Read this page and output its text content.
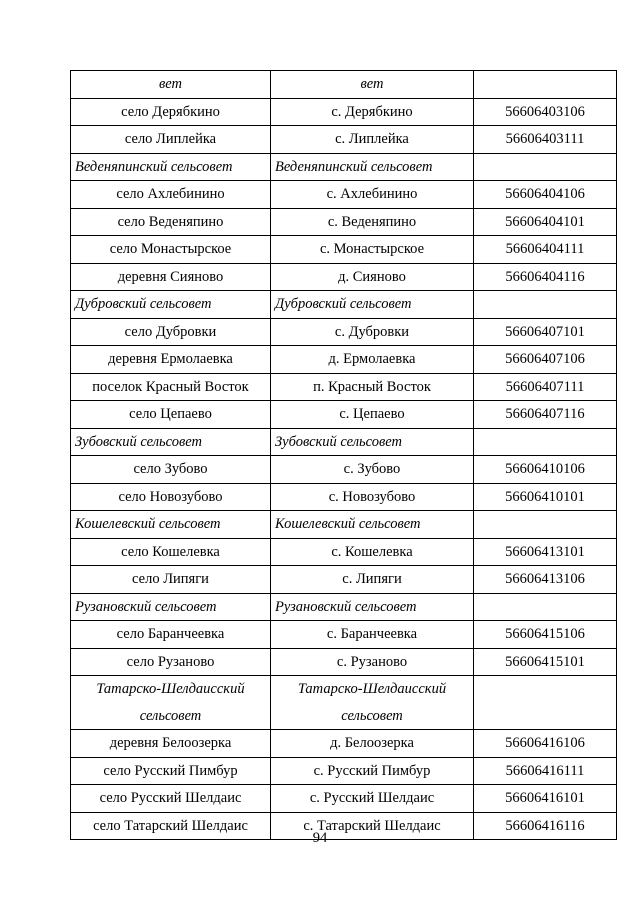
вет	вет	
село Дерябкино	с. Дерябкино	56606403106
село Липлейка	с. Липлейка	56606403111
Веденяпинский сельсовет	Веденяпинский сельсовет	
село Ахлебинино	с. Ахлебинино	56606404106
село Веденяпино	с. Веденяпино	56606404101
село Монастырское	с. Монастырское	56606404111
деревня Сияново	д. Сияново	56606404116
Дубровский сельсовет	Дубровский сельсовет	
село Дубровки	с. Дубровки	56606407101
деревня Ермолаевка	д. Ермолаевка	56606407106
поселок Красный Восток	п. Красный Восток	56606407111
село Цепаево	с. Цепаево	56606407116
Зубовский сельсовет	Зубовский сельсовет	
село Зубово	с. Зубово	56606410106
село Новозубово	с. Новозубово	56606410101
Кошелевский сельсовет	Кошелевский сельсовет	
село Кошелевка	с. Кошелевка	56606413101
село Липяги	с. Липяги	56606413106
Рузановский сельсовет	Рузановский сельсовет	
село Баранчеевка	с. Баранчеевка	56606415106
село Рузаново	с. Рузаново	56606415101
Татарско-Шелдаисский сельсовет	Татарско-Шелдаисский сельсовет	
деревня Белоозерка	д. Белоозерка	56606416106
село Русский Пимбур	с. Русский Пимбур	56606416111
село Русский Шелдаис	с. Русский Шелдаис	56606416101
село Татарский Шелдаис	с. Татарский Шелдаис	56606416116
94
